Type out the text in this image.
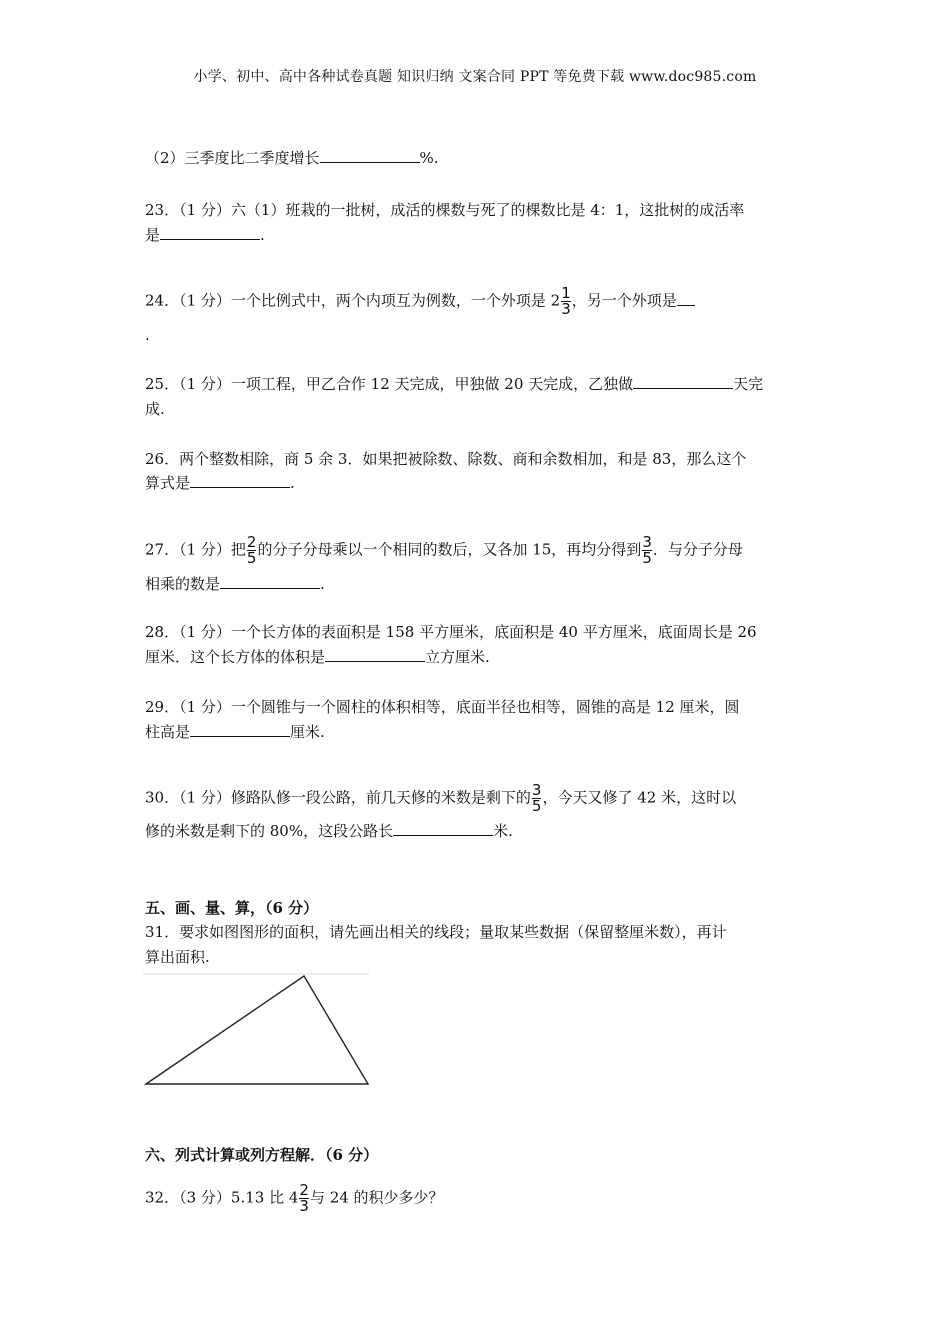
小学、初中、高中各种试卷真题 知识归纳 文案合同 PPT 等免费下载 www.doc985.com
（2）三季度比二季度增长	%.
23．（1 分）六（1）班栽的一批树，成活的棵数与死了的棵数比是 4：1，这批树的成活率
是	.
24．（1 分）一个比例式中，两个内项互为例数，一个外项是 $2 \frac{1}{3}$ ，另一个外项是
.
25．（1 分）一项工程，甲乙合作 12 天完成，甲独做 20 天完成，乙独做	天完
成.
26．两个整数相除，商 5 余 3．如果把被除数、除数、商和余数相加，和是 83，那么这个
算式是	.
27．（1 分）把 $\frac{2}{5}$ 的分子分母乘以一个相同的数后，又各加 15，再均分得到 $\frac{3}{5}$ ．与分子分母
相乘的数是	.
28．（1 分）一个长方体的表面积是 158 平方厘米，底面积是 40 平方厘米，底面周长是 26
厘米．这个长方体的体积是	立方厘米.
29．（1 分）一个圆锥与一个圆柱的体积相等，底面半径也相等，圆锥的高是 12 厘米，圆
柱高是	厘米.
30．（1 分）修路队修一段公路，前几天修的米数是剩下的 $\frac{3}{5}$ ，今天又修了 42 米，这时以
修的米数是剩下的 80%，这段公路长	米.
五、画、量、算，（6 分）
31．要求如图图形的面积，请先画出相关的线段；量取某些数据（保留整厘米数），再计
算出面积.
六、列式计算或列方程解．（6 分）
32．（3 分）5.13 比 $4 \frac{2}{3}$ 与 24 的积少多少？
